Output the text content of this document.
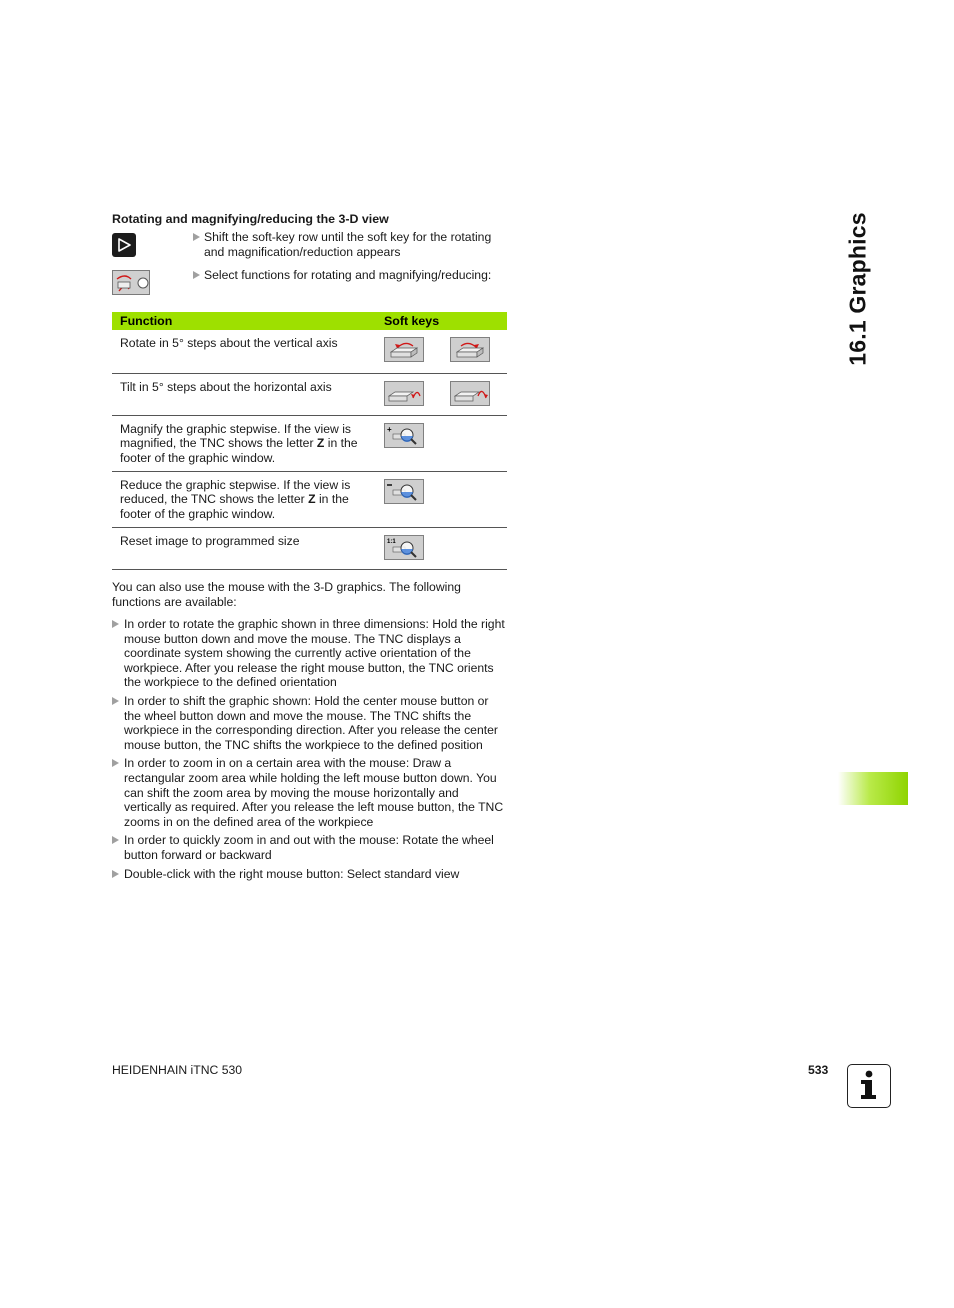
Rotating and magnifying/reducing the 3-D view
Shift the soft-key row until the soft key for the rotating and magnification/reduction appears
Select functions for rotating and magnifying/reducing:
Function	Soft keys
Rotate in 5° steps about the vertical axis	

Tilt in 5° steps about the horizontal axis	

Magnify the graphic stepwise. If the view is magnified, the TNC shows the letter Z in the footer of the graphic window.	+

Reduce the graphic stepwise. If the view is reduced, the TNC shows the letter Z in the footer of the graphic window.	

Reset image to programmed size	1:1
You can also use the mouse with the 3-D graphics. The following functions are available:
In order to rotate the graphic shown in three dimensions: Hold the right mouse button down and move the mouse. The TNC displays a coordinate system showing the currently active orientation of the workpiece. After you release the right mouse button, the TNC orients the workpiece to the defined orientation
In order to shift the graphic shown: Hold the center mouse button or the wheel button down and move the mouse. The TNC shifts the workpiece in the corresponding direction. After you release the center mouse button, the TNC shifts the workpiece to the defined position
In order to zoom in on a certain area with the mouse: Draw a rectangular zoom area while holding the left mouse button down. You can shift the zoom area by moving the mouse horizontally and vertically as required. After you release the left mouse button, the TNC zooms in on the defined area of the workpiece
In order to quickly zoom in and out with the mouse: Rotate the wheel button forward or backward
Double-click with the right mouse button: Select standard view
16.1 Graphics
HEIDENHAIN iTNC 530	533
